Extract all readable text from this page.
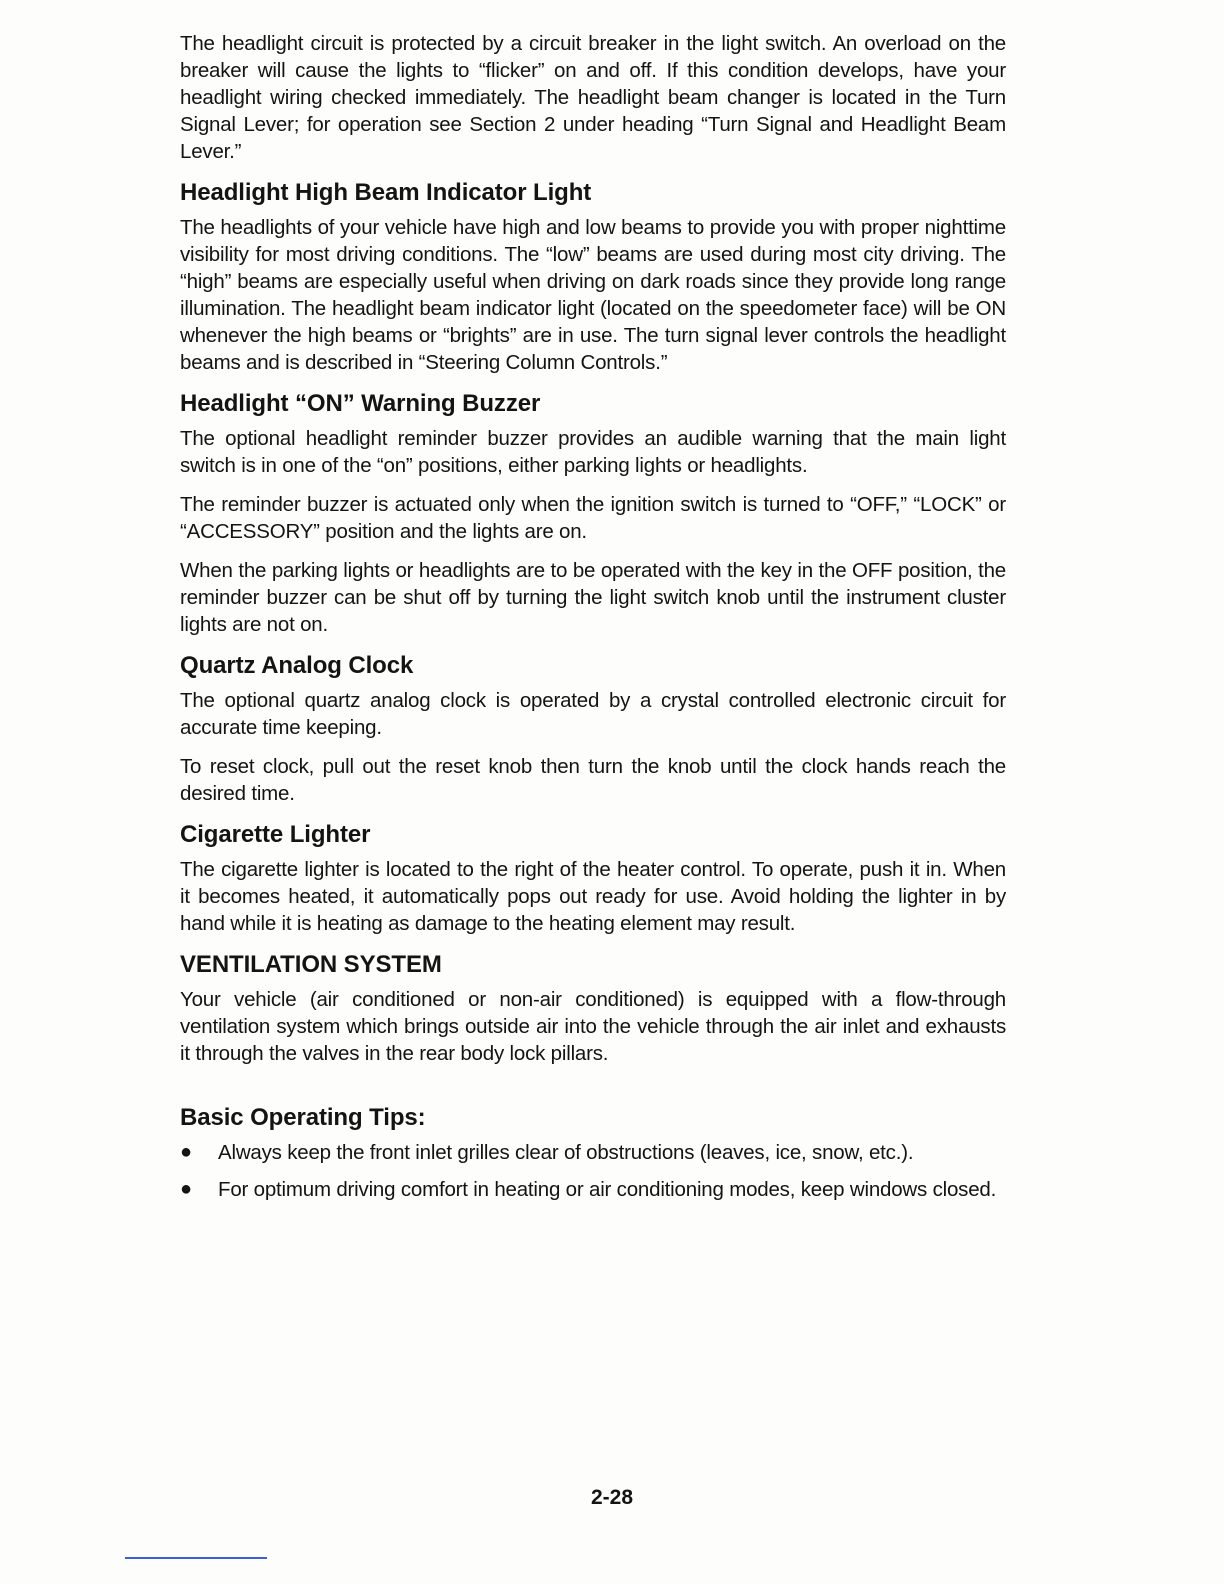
The headlight circuit is protected by a circuit breaker in the light switch. An overload on the breaker will cause the lights to “flicker” on and off. If this condition develops, have your headlight wiring checked immediately. The headlight beam changer is located in the Turn Signal Lever; for operation see Section 2 under heading “Turn Signal and Headlight Beam Lever.”

Headlight High Beam Indicator Light

The headlights of your vehicle have high and low beams to provide you with proper nighttime visibility for most driving conditions. The “low” beams are used during most city driving. The “high” beams are especially useful when driving on dark roads since they provide long range illumination. The headlight beam indicator light (located on the speedometer face) will be ON whenever the high beams or “brights” are in use. The turn signal lever controls the headlight beams and is described in “Steering Column Controls.”

Headlight “ON” Warning Buzzer

The optional headlight reminder buzzer provides an audible warning that the main light switch is in one of the “on” positions, either parking lights or headlights.

The reminder buzzer is actuated only when the ignition switch is turned to “OFF,” “LOCK” or “ACCESSORY” position and the lights are on.

When the parking lights or headlights are to be operated with the key in the OFF position, the reminder buzzer can be shut off by turning the light switch knob until the instrument cluster lights are not on.

Quartz Analog Clock

The optional quartz analog clock is operated by a crystal controlled electronic circuit for accurate time keeping.

To reset clock, pull out the reset knob then turn the knob until the clock hands reach the desired time.

Cigarette Lighter

The cigarette lighter is located to the right of the heater control. To operate, push it in. When it becomes heated, it automatically pops out ready for use. Avoid holding the lighter in by hand while it is heating as damage to the heating element may result.

VENTILATION SYSTEM

Your vehicle (air conditioned or non-air conditioned) is equipped with a flow-through ventilation system which brings outside air into the vehicle through the air inlet and exhausts it through the valves in the rear body lock pillars.

Basic Operating Tips:
●	Always keep the front inlet grilles clear of obstructions (leaves, ice, snow, etc.).
●	For optimum driving comfort in heating or air conditioning modes, keep windows closed.
2-28
